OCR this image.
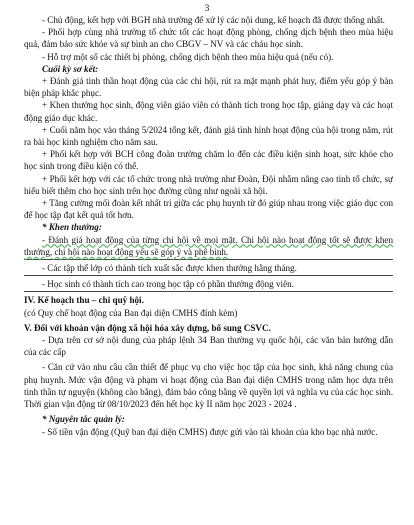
3

- Chủ động, kết hợp với BGH nhà trường để xử lý các nội dung, kế hoạch đã được thống nhất.

- Phối hợp cùng nhà trường tổ chức tốt các hoạt động phòng, chống dịch bệnh theo mùa hiệu quả, đảm bảo sức khỏe và sự bình an cho CBGV – NV và các cháu học sinh.

- Hỗ trợ một số các thiết bị phòng, chống dịch bệnh theo mùa hiệu quả (nếu có).

Cuối kỳ sơ kết:

+ Đánh giá tinh thần hoạt động của các chi hội, rút ra mặt mạnh phát huy, điểm yếu góp ý bàn biện pháp khắc phục.

+ Khen thưởng học sinh, động viên giáo viên có thành tích trong học tập, giảng dạy và các hoạt động giáo dục khác.

+ Cuối năm học vào tháng 5/2024 tổng kết, đánh giá tình hình hoạt động của hội trong năm, rút ra bài học kinh nghiệm cho năm sau.

+ Phối kết hợp với BCH công đoàn trường chăm lo đến các điều kiện sinh hoạt, sức khỏe cho học sinh trong điều kiện có thể.

+ Phối kết hợp với các tổ chức trong nhà trường như Đoàn, Đội nhằm nâng cao tinh tổ chức, sự hiểu biết thêm cho học sinh trên học đường cũng như ngoài xã hội.

+ Tăng cường mối đoàn kết nhất trí giữa các phụ huynh từ đó giúp nhau trong việc giáo dục con để học tập đạt kết quả tốt hơn.

* Khen thưởng:

- Đánh giá hoạt động của từng chi hội về mọi mặt. Chi hội nào hoạt động tốt sẽ được khen thưởng, chi hội nào hoạt động yếu sẽ góp ý và phê bình.

- Các tập thể lớp có thành tích xuất sắc được khen thưởng hằng tháng.

- Học sinh có thành tích cao trong học tập có phần thưởng động viên.

IV. Kế hoạch thu – chi quỹ hội.

(có Quy chế hoạt động của Ban đại diện CMHS đính kèm)

V. Đối với khoản vận động xã hội hóa xây dựng, bổ sung CSVC.

- Dựa trên cơ sở nội dung của pháp lệnh 34 Ban thường vụ quốc hội, các văn bản hướng dẫn của các cấp

- Căn cứ vào nhu cầu cần thiết để phục vụ cho việc học tập của học sinh, khả năng chung của phụ huynh. Mức vận động và phạm vi hoạt động của Ban đại diện CMHS trong năm học dựa trên tinh thần tự nguyện (không cào bằng), đảm bảo công bằng về quyền lợi và nghĩa vụ của các học sinh. Thời gian vận động từ 08/10/2023 đến hết học kỳ II năm học 2023 - 2024 .

* Nguyên tắc quản lý:

- Số tiền vận động (Quỹ ban đại diện CMHS) được gửi vào tài khoản của kho bạc nhà nước.
